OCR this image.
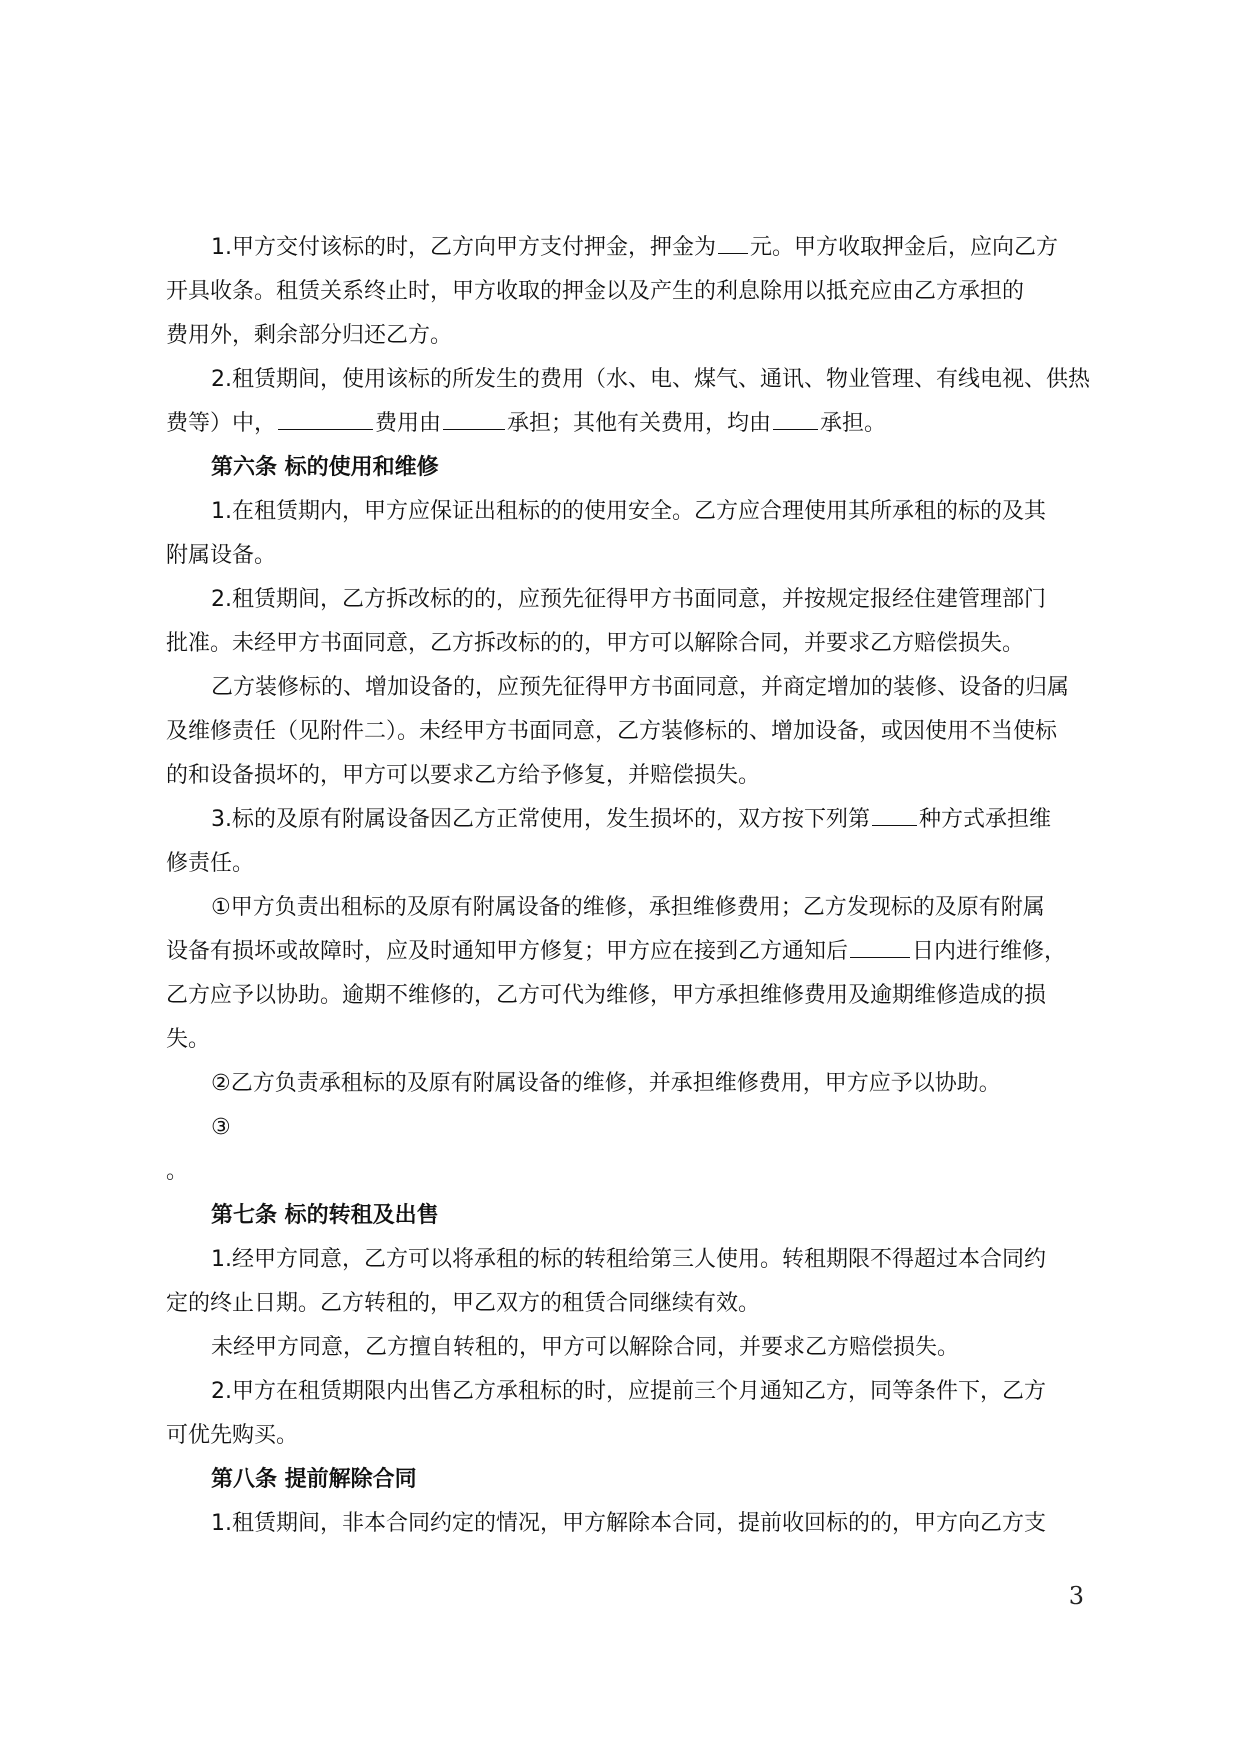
1.甲方交付该标的时，乙方向甲方支付押金，押金为 元。甲方收取押金后，应向乙方
开具收条。租赁关系终止时，甲方收取的押金以及产生的利息除用以抵充应由乙方承担的
费用外，剩余部分归还乙方。
2.租赁期间，使用该标的所发生的费用（水、电、煤气、通讯、物业管理、有线电视、供热
费等）中，	费用由	承担；其他有关费用，均由 承担。
第六条 标的使用和维修
1.在租赁期内，甲方应保证出租标的的使用安全。乙方应合理使用其所承租的标的及其
附属设备。
2.租赁期间，乙方拆改标的的，应预先征得甲方书面同意，并按规定报经住建管理部门
批准。未经甲方书面同意，乙方拆改标的的，甲方可以解除合同，并要求乙方赔偿损失。
乙方装修标的、增加设备的，应预先征得甲方书面同意，并商定增加的装修、设备的归属
及维修责任（见附件二）。未经甲方书面同意，乙方装修标的、增加设备，或因使用不当使标
的和设备损坏的，甲方可以要求乙方给予修复，并赔偿损失。
3.标的及原有附属设备因乙方正常使用，发生损坏的，双方按下列第 种方式承担维
修责任。
①甲方负责出租标的及原有附属设备的维修，承担维修费用；乙方发现标的及原有附属
设备有损坏或故障时，应及时通知甲方修复；甲方应在接到乙方通知后	日内进行维修，
乙方应予以协助。逾期不维修的，乙方可代为维修，甲方承担维修费用及逾期维修造成的损
失。
②乙方负责承租标的及原有附属设备的维修，并承担维修费用，甲方应予以协助。
③
。
第七条 标的转租及出售
1.经甲方同意，乙方可以将承租的标的转租给第三人使用。转租期限不得超过本合同约
定的终止日期。乙方转租的，甲乙双方的租赁合同继续有效。
未经甲方同意，乙方擅自转租的，甲方可以解除合同，并要求乙方赔偿损失。
2.甲方在租赁期限内出售乙方承租标的时，应提前三个月通知乙方，同等条件下，乙方
可优先购买。
第八条 提前解除合同
1.租赁期间，非本合同约定的情况，甲方解除本合同，提前收回标的的，甲方向乙方支
3
